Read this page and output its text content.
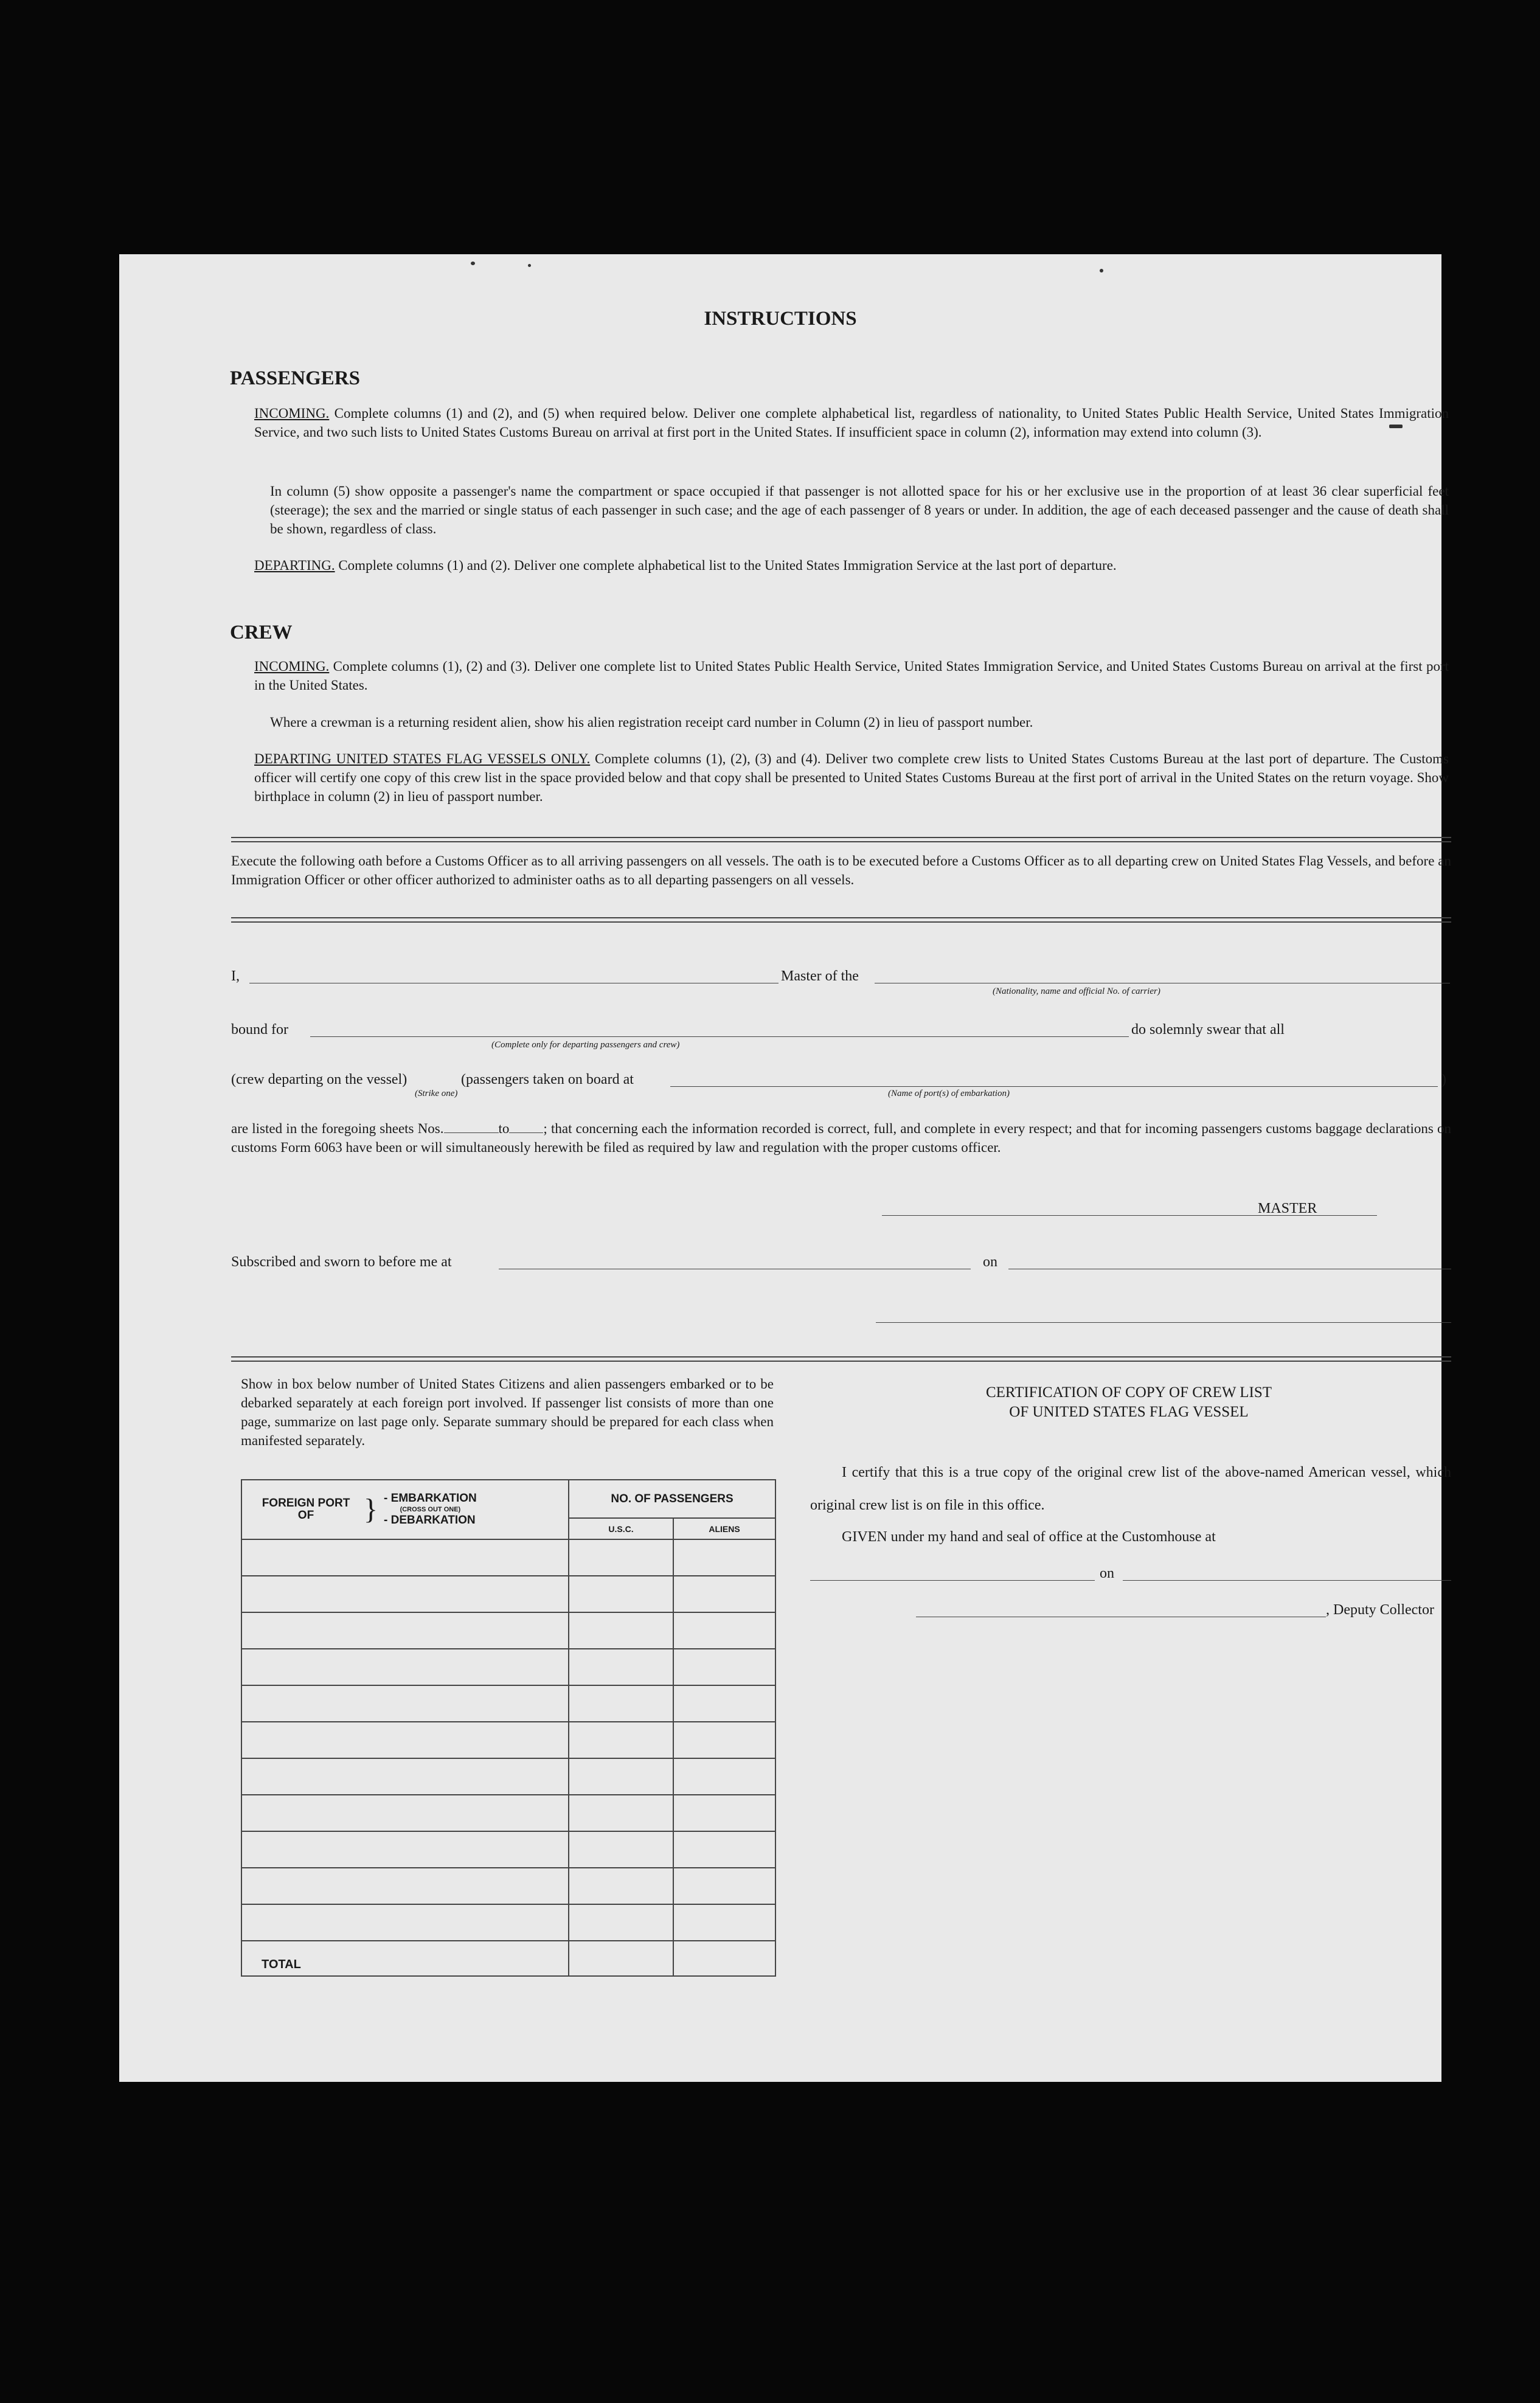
INSTRUCTIONS
PASSENGERS
INCOMING. Complete columns (1) and (2), and (5) when required below. Deliver one complete alphabetical list, regardless of nationality, to United States Public Health Service, United States Immigration Service, and two such lists to United States Customs Bureau on arrival at first port in the United States. If insufficient space in column (2), information may extend into column (3).
In column (5) show opposite a passenger's name the compartment or space occupied if that passenger is not allotted space for his or her exclusive use in the proportion of at least 36 clear superficial feet (steerage); the sex and the married or single status of each passenger in such case; and the age of each passenger of 8 years or under. In addition, the age of each deceased passenger and the cause of death shall be shown, regardless of class.
DEPARTING. Complete columns (1) and (2). Deliver one complete alphabetical list to the United States Immigration Service at the last port of departure.
CREW
INCOMING. Complete columns (1), (2) and (3). Deliver one complete list to United States Public Health Service, United States Immigration Service, and United States Customs Bureau on arrival at the first port in the United States.
Where a crewman is a returning resident alien, show his alien registration receipt card number in Column (2) in lieu of passport number.
DEPARTING UNITED STATES FLAG VESSELS ONLY. Complete columns (1), (2), (3) and (4). Deliver two complete crew lists to United States Customs Bureau at the last port of departure. The Customs officer will certify one copy of this crew list in the space provided below and that copy shall be presented to United States Customs Bureau at the first port of arrival in the United States on the return voyage. Show birthplace in column (2) in lieu of passport number.
Execute the following oath before a Customs Officer as to all arriving passengers on all vessels. The oath is to be executed before a Customs Officer as to all departing crew on United States Flag Vessels, and before an Immigration Officer or other officer authorized to administer oaths as to all departing passengers on all vessels.
I,	Master of the
(Nationality, name and official No. of carrier)
bound for
(Complete only for departing passengers and crew)
do solemnly swear that all
(crew departing on the vessel)	(passengers taken on board at	)
(Strike one)	(Name of port(s) of embarkation)
are listed in the foregoing sheets Nos.	to ; that concerning each the information recorded is correct, full, and complete in every respect; and that for incoming passengers customs baggage declarations on customs Form 6063 have been or will simultaneously herewith be filed as required by law and regulation with the proper customs officer.
MASTER
Subscribed and sworn to before me at	on
Show in box below number of United States Citizens and alien passengers embarked or to be debarked separately at each foreign port involved. If passenger list consists of more than one page, summarize on last page only. Separate summary should be prepared for each class when manifested separately.
FOREIGN PORT OF } - EMBARKATION
(CROSS OUT ONE)
- DEBARKATION	NO. OF PASSENGERS	
	U.S.C.	ALIENS

TOTAL		
CERTIFICATION OF COPY OF CREW LIST
OF UNITED STATES FLAG VESSEL
I certify that this is a true copy of the original crew list of the above-named American vessel, which original crew list is on file in this office.
GIVEN under my hand and seal of office at the Customhouse at
on
, Deputy Collector
